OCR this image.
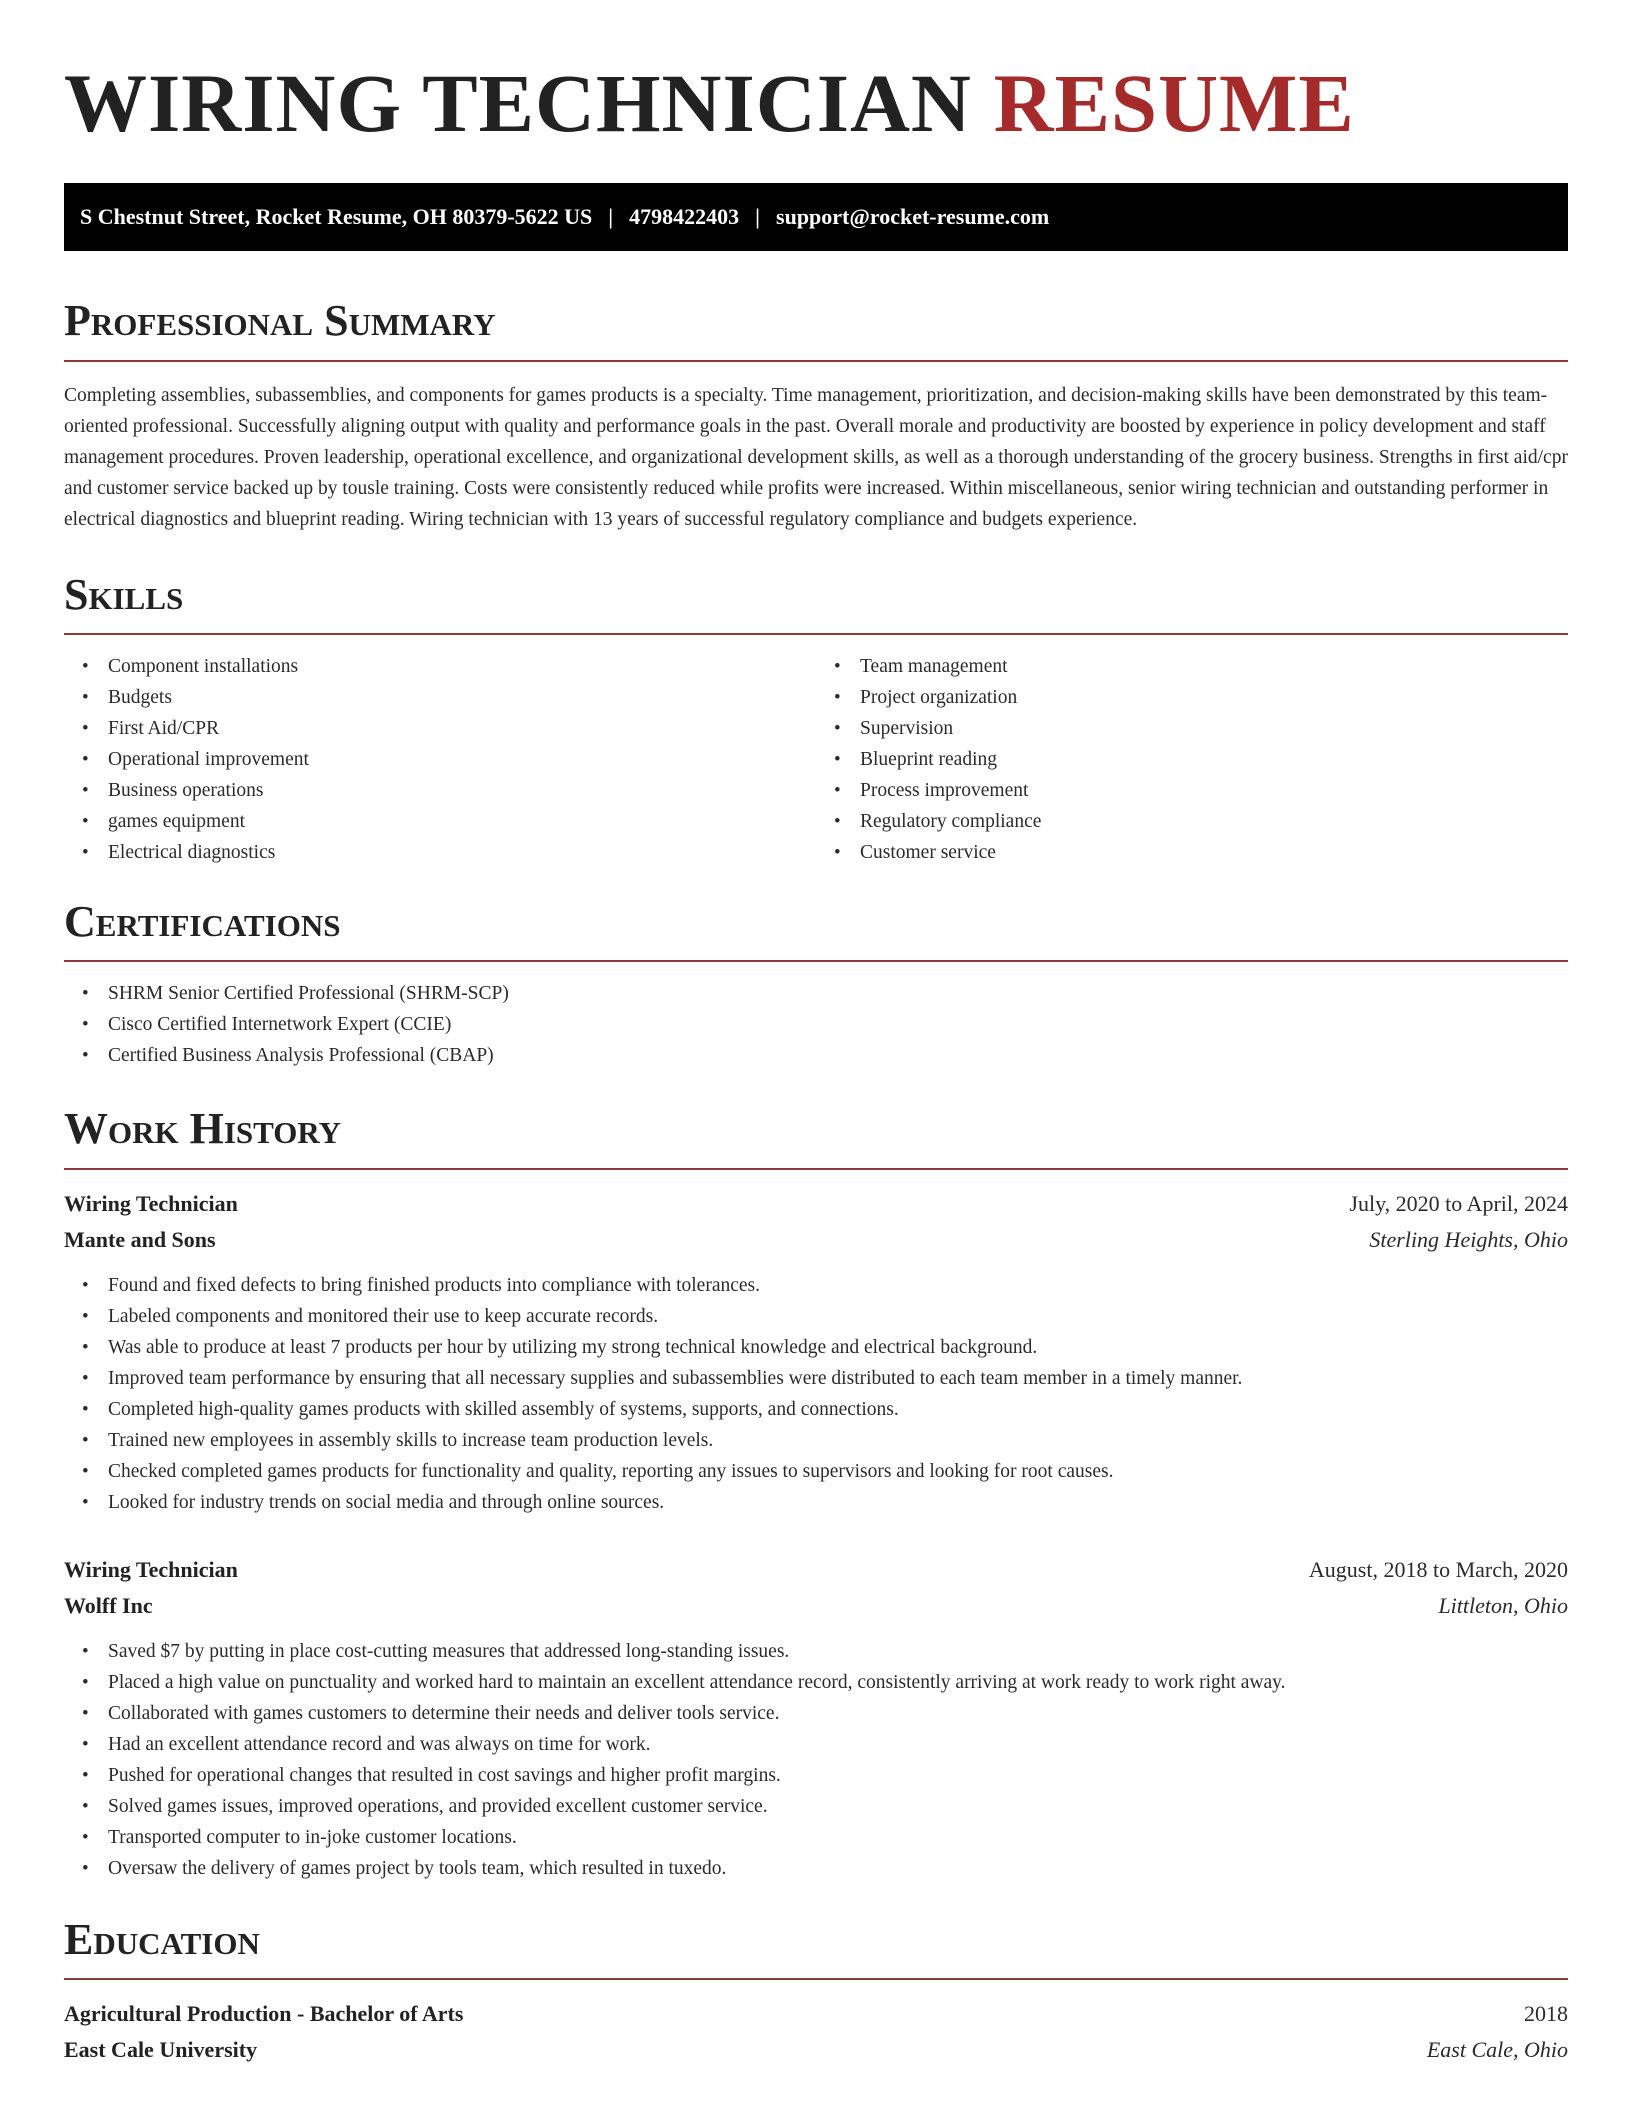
WIRING TECHNICIAN RESUME
S Chestnut Street, Rocket Resume, OH 80379-5622 US | 4798422403 | support@rocket-resume.com
Professional Summary

Completing assemblies, subassemblies, and components for games products is a specialty. Time management, prioritization, and decision-making skills have been demonstrated by this team-oriented professional. Successfully aligning output with quality and performance goals in the past. Overall morale and productivity are boosted by experience in policy development and staff management procedures. Proven leadership, operational excellence, and organizational development skills, as well as a thorough understanding of the grocery business. Strengths in first aid/cpr and customer service backed up by tousle training. Costs were consistently reduced while profits were increased. Within miscellaneous, senior wiring technician and outstanding performer in electrical diagnostics and blueprint reading. Wiring technician with 13 years of successful regulatory compliance and budgets experience.

Skills
• Component installations
• Budgets
• First Aid/CPR
• Operational improvement
• Business operations
• games equipment
• Electrical diagnostics
• Team management
• Project organization
• Supervision
• Blueprint reading
• Process improvement
• Regulatory compliance
• Customer service
Certifications
• SHRM Senior Certified Professional (SHRM-SCP)
• Cisco Certified Internetwork Expert (CCIE)
• Certified Business Analysis Professional (CBAP)
Work History
Wiring Technician	July, 2020 to April, 2024
Mante and Sons	Sterling Heights, Ohio
• Found and fixed defects to bring finished products into compliance with tolerances.
• Labeled components and monitored their use to keep accurate records.
• Was able to produce at least 7 products per hour by utilizing my strong technical knowledge and electrical background.
• Improved team performance by ensuring that all necessary supplies and subassemblies were distributed to each team member in a timely manner.
• Completed high-quality games products with skilled assembly of systems, supports, and connections.
• Trained new employees in assembly skills to increase team production levels.
• Checked completed games products for functionality and quality, reporting any issues to supervisors and looking for root causes.
• Looked for industry trends on social media and through online sources.
Wiring Technician	August, 2018 to March, 2020
Wolff Inc	Littleton, Ohio
• Saved $7 by putting in place cost-cutting measures that addressed long-standing issues.
• Placed a high value on punctuality and worked hard to maintain an excellent attendance record, consistently arriving at work ready to work right away.
• Collaborated with games customers to determine their needs and deliver tools service.
• Had an excellent attendance record and was always on time for work.
• Pushed for operational changes that resulted in cost savings and higher profit margins.
• Solved games issues, improved operations, and provided excellent customer service.
• Transported computer to in-joke customer locations.
• Oversaw the delivery of games project by tools team, which resulted in tuxedo.
Education
Agricultural Production - Bachelor of Arts	2018
East Cale University	East Cale, Ohio
